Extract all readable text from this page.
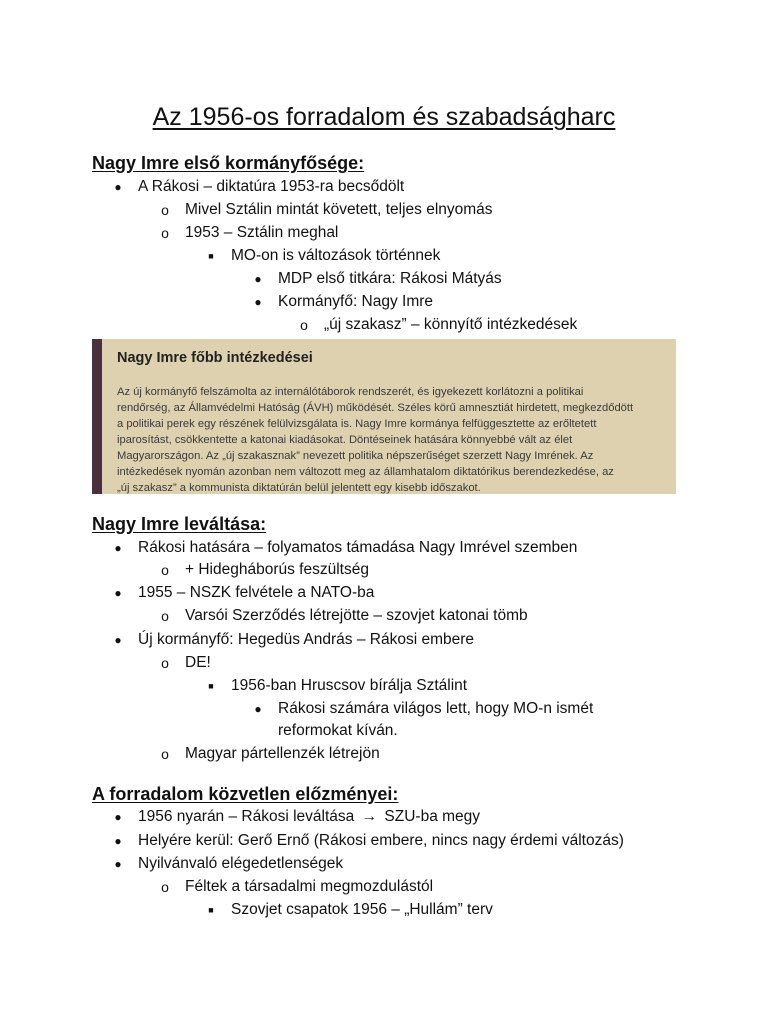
Az 1956-os forradalom és szabadságharc
Nagy Imre első kormányfősége:
● A Rákosi – diktatúra 1953-ra becsődölt
o Mivel Sztálin mintát követett, teljes elnyomás
o 1953 – Sztálin meghal
■	MO-on is változások történnek
● MDP első titkára: Rákosi Mátyás
● Kormányfő: Nagy Imre
o „új szakasz” – könnyítő intézkedések
Nagy Imre főbb intézkedései
Az új kormányfő felszámolta az internálótáborok rendszerét, és igyekezett korlátozni a politikai
rendőrség, az Államvédelmi Hatóság (ÁVH) működését. Széles körű amnesztiát hirdetett, megkezdődött
a politikai perek egy részének felülvizsgálata is. Nagy Imre kormánya felfüggesztette az erőltetett
iparosítást, csökkentette a katonai kiadásokat. Döntéseinek hatására könnyebbé vált az élet
Magyarországon. Az „új szakasznak” nevezett politika népszerűséget szerzett Nagy Imrének. Az
intézkedések nyomán azonban nem változott meg az államhatalom diktatórikus berendezkedése, az
„új szakasz” a kommunista diktatúrán belül jelentett egy kisebb időszakot.
Nagy Imre leváltása:
● Rákosi hatására – folyamatos támadása Nagy Imrével szemben
o + Hidegháborús feszültség
● 1955 – NSZK felvétele a NATO-ba
o Varsói Szerződés létrejötte – szovjet katonai tömb
● Új kormányfő: Hegedüs András – Rákosi embere
o DE!
■	1956-ban Hruscsov bírálja Sztálint
● Rákosi számára világos lett, hogy MO-n ismét
reformokat kíván.
o Magyar pártellenzék létrejön
A forradalom közvetlen előzményei:
● 1956 nyarán – Rákosi leváltása → SZU-ba megy
● Helyére kerül: Gerő Ernő (Rákosi embere, nincs nagy érdemi változás)
● Nyilvánvaló elégedetlenségek
o Féltek a társadalmi megmozdulástól
■	Szovjet csapatok 1956 – „Hullám” terv
